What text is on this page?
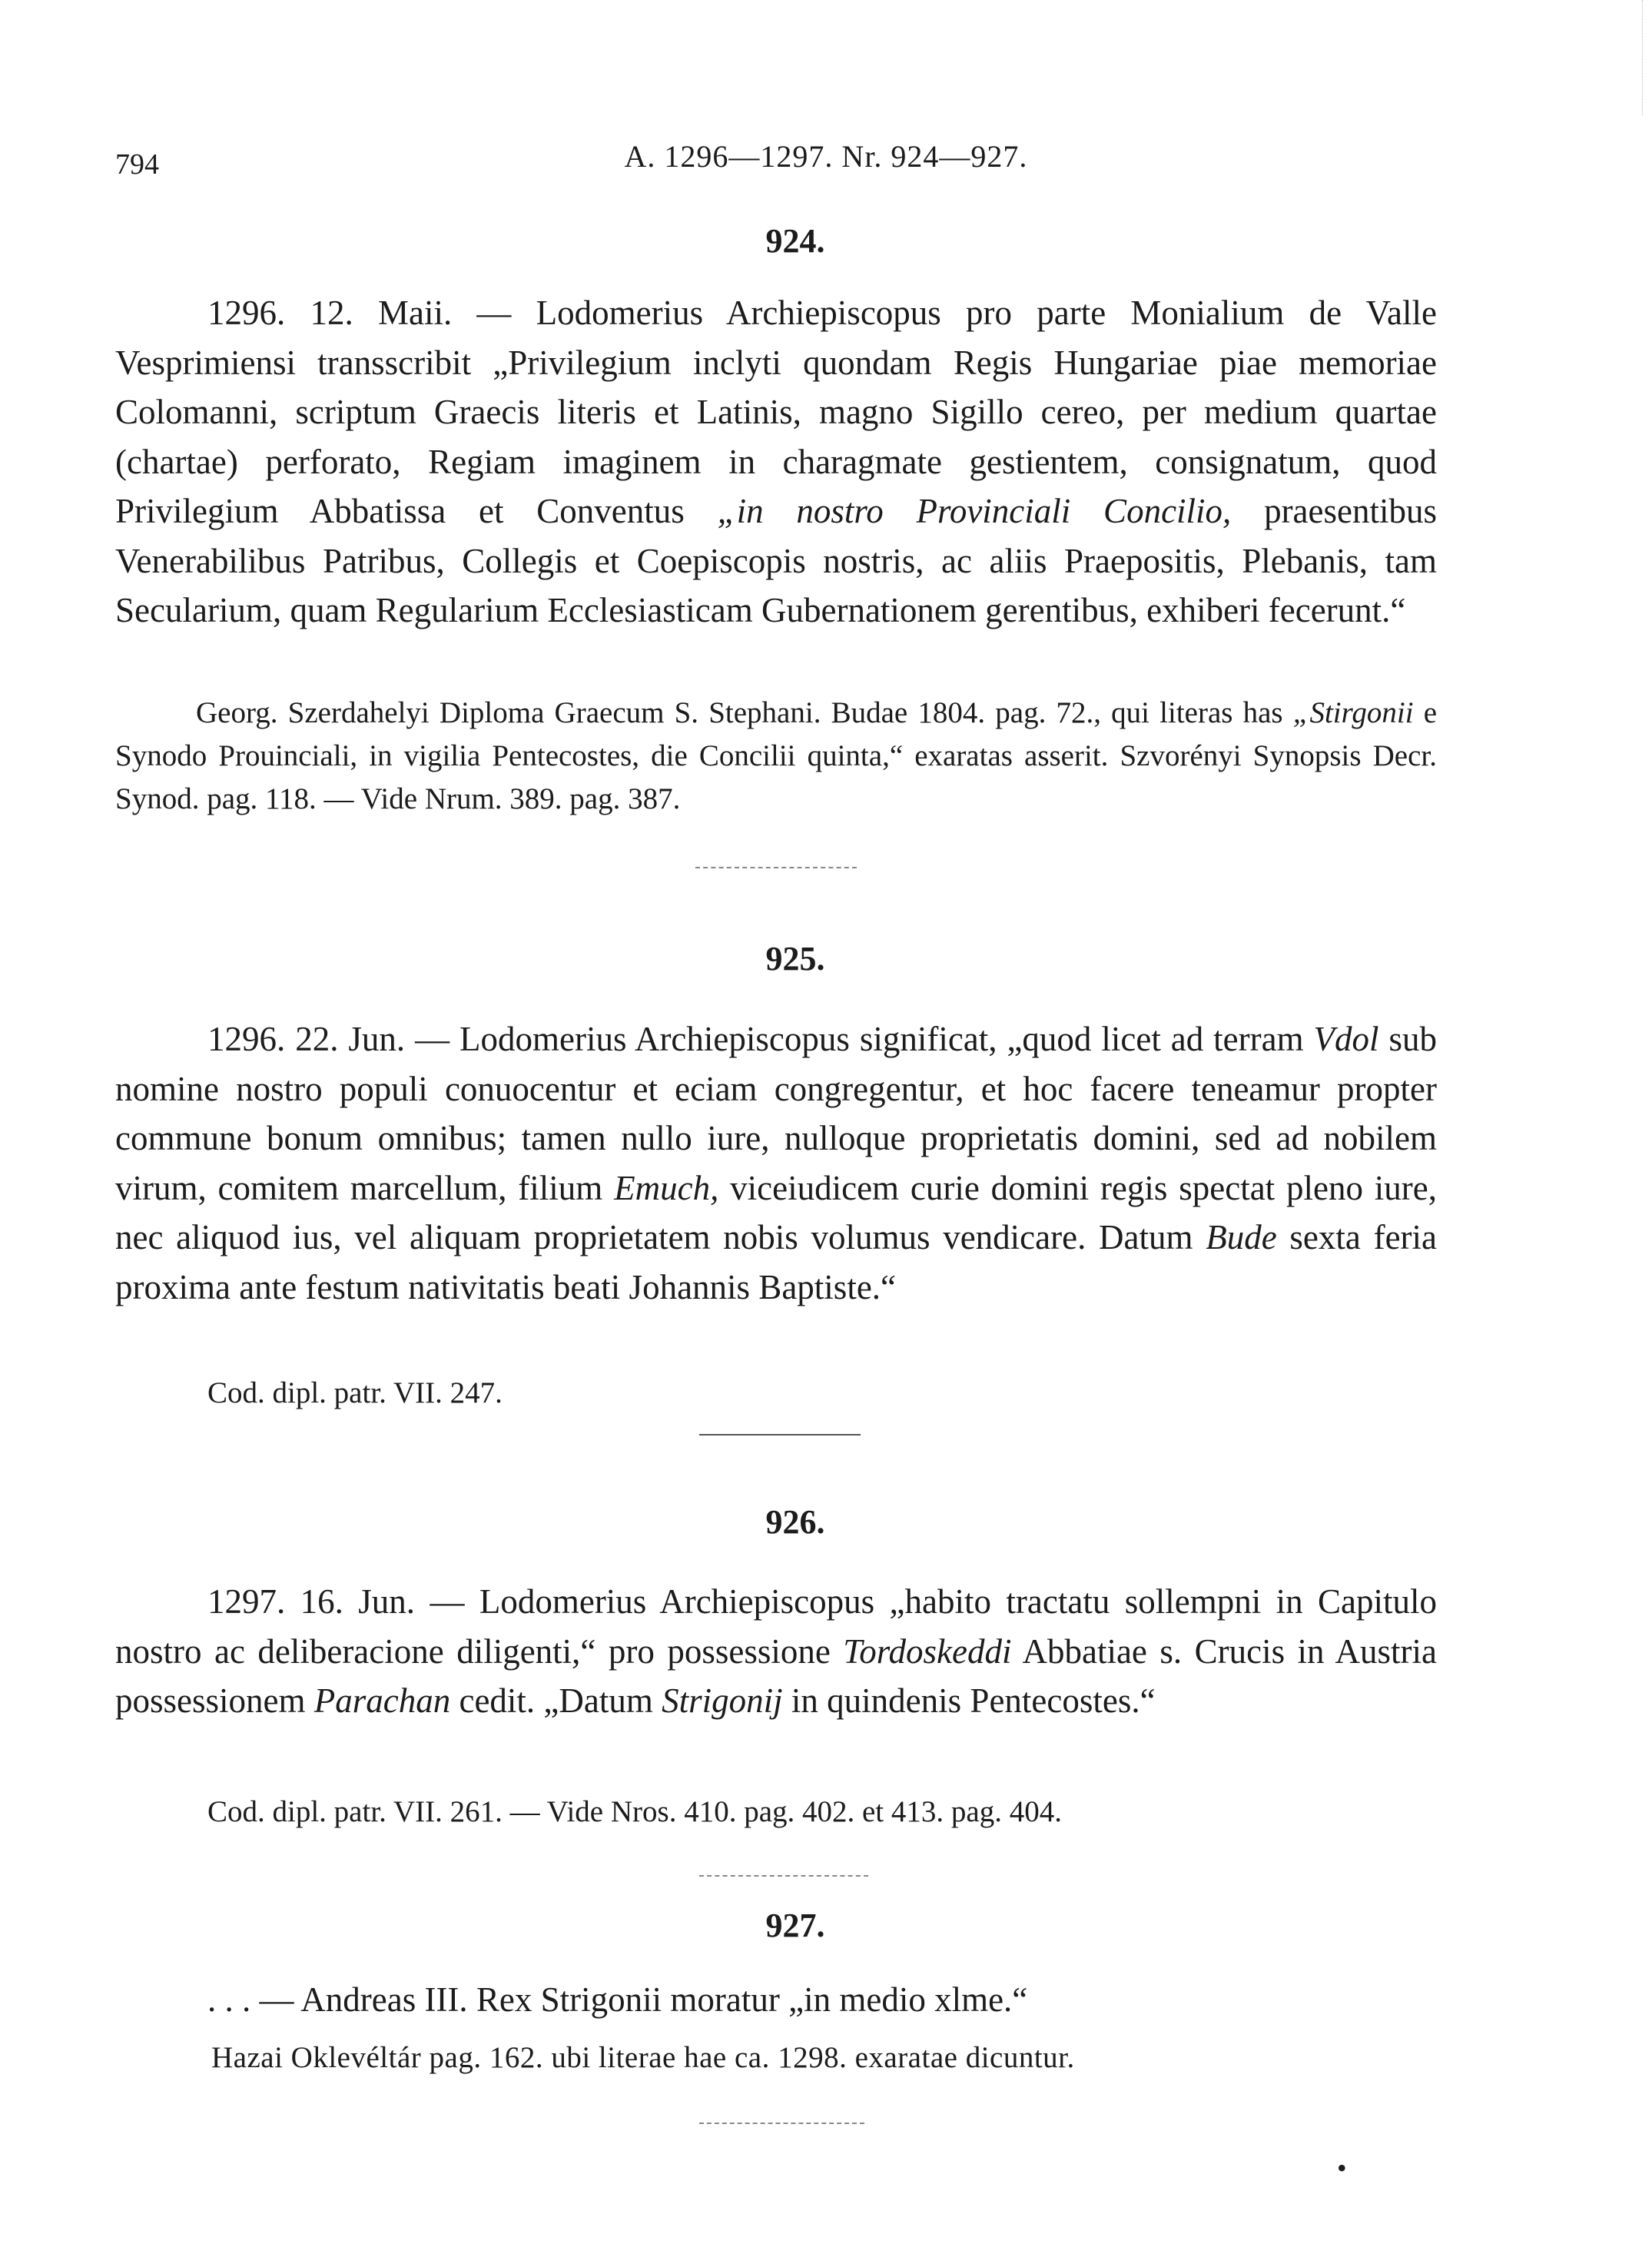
794	A. 1296—1297. Nr. 924—927.
924.
1296. 12. Maii. — Lodomerius Archiepiscopus pro parte Monialium de Valle Vesprimiensi transscribit „Privilegium inclyti quondam Regis Hungariae piae memoriae Colomanni, scriptum Graecis literis et Latinis, magno Sigillo cereo, per medium quartae (chartae) perforato, Regiam imaginem in charagmate gestientem, consignatum, quod Privilegium Abbatissa et Conventus „in nostro Provinciali Concilio, praesentibus Venerabilibus Patribus, Collegis et Coepiscopis nostris, ac aliis Praepositis, Plebanis, tam Secularium, quam Regularium Ecclesiasticam Gubernationem gerentibus, exhiberi fecerunt.“
Georg. Szerdahelyi Diploma Graecum S. Stephani. Budae 1804. pag. 72., qui literas has „Stirgonii e Synodo Prouinciali, in vigilia Pentecostes, die Concilii quinta,“ exaratas asserit. Szvorényi Synopsis Decr. Synod. pag. 118. — Vide Nrum. 389. pag. 387.
925.
1296. 22. Jun. — Lodomerius Archiepiscopus significat, „quod licet ad terram Vdol sub nomine nostro populi conuocentur et eciam congregentur, et hoc facere teneamur propter commune bonum omnibus; tamen nullo iure, nulloque proprietatis domini, sed ad nobilem virum, comitem marcellum, filium Emuch, viceiudicem curie domini regis spectat pleno iure, nec aliquod ius, vel aliquam proprietatem nobis volumus vendicare. Datum Bude sexta feria proxima ante festum nativitatis beati Johannis Baptiste.“
Cod. dipl. patr. VII. 247.
926.
1297. 16. Jun. — Lodomerius Archiepiscopus „habito tractatu sollempni in Capitulo nostro ac deliberacione diligenti,“ pro possessione Tordoskeddi Abbatiae s. Crucis in Austria possessionem Parachan cedit. „Datum Strigonij in quindenis Pentecostes.“
Cod. dipl. patr. VII. 261. — Vide Nros. 410. pag. 402. et 413. pag. 404.
927.
. . . — Andreas III. Rex Strigonii moratur „in medio xlme.“
Hazai Oklevéltár pag. 162. ubi literae hae ca. 1298. exaratae dicuntur.
•
